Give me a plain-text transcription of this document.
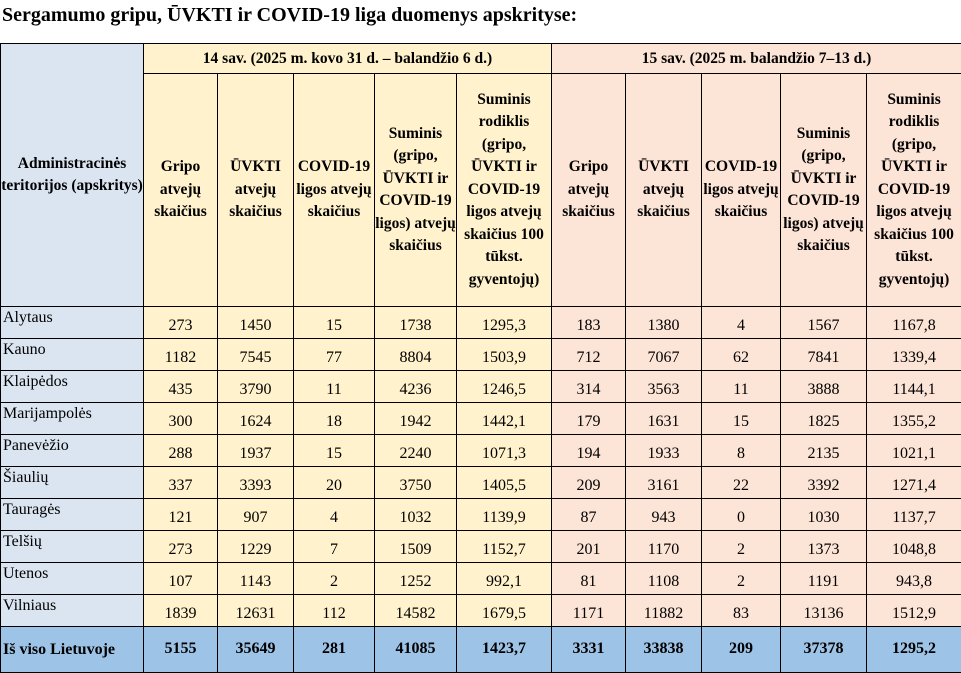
Sergamumo gripu, ŪVKTI ir COVID-19 liga duomenys apskrityse:
Administracinės teritorijos (apskritys)	14 sav. (2025 m. kovo 31 d. – balandžio 6 d.)					15 sav. (2025 m. balandžio 7–13 d.)				
	Gripo atvejų skaičius	ŪVKTI atvejų skaičius	COVID-19 ligos atvejų skaičius	Suminis (gripo, ŪVKTI ir COVID-19 ligos) atvejų skaičius	Suminis rodiklis (gripo, ŪVKTI ir COVID-19 ligos atvejų skaičius 100 tūkst. gyventojų)	Gripo atvejų skaičius	ŪVKTI atvejų skaičius	COVID-19 ligos atvejų skaičius	Suminis (gripo, ŪVKTI ir COVID-19 ligos) atvejų skaičius	Suminis rodiklis (gripo, ŪVKTI ir COVID-19 ligos atvejų skaičius 100 tūkst. gyventojų)
Alytaus	273	1450	15	1738	1295,3	183	1380	4	1567	1167,8
Kauno	1182	7545	77	8804	1503,9	712	7067	62	7841	1339,4
Klaipėdos	435	3790	11	4236	1246,5	314	3563	11	3888	1144,1
Marijampolės	300	1624	18	1942	1442,1	179	1631	15	1825	1355,2
Panevėžio	288	1937	15	2240	1071,3	194	1933	8	2135	1021,1
Šiaulių	337	3393	20	3750	1405,5	209	3161	22	3392	1271,4
Tauragės	121	907	4	1032	1139,9	87	943	0	1030	1137,7
Telšių	273	1229	7	1509	1152,7	201	1170	2	1373	1048,8
Utenos	107	1143	2	1252	992,1	81	1108	2	1191	943,8
Vilniaus	1839	12631	112	14582	1679,5	1171	11882	83	13136	1512,9
Iš viso Lietuvoje	5155	35649	281	41085	1423,7	3331	33838	209	37378	1295,2
